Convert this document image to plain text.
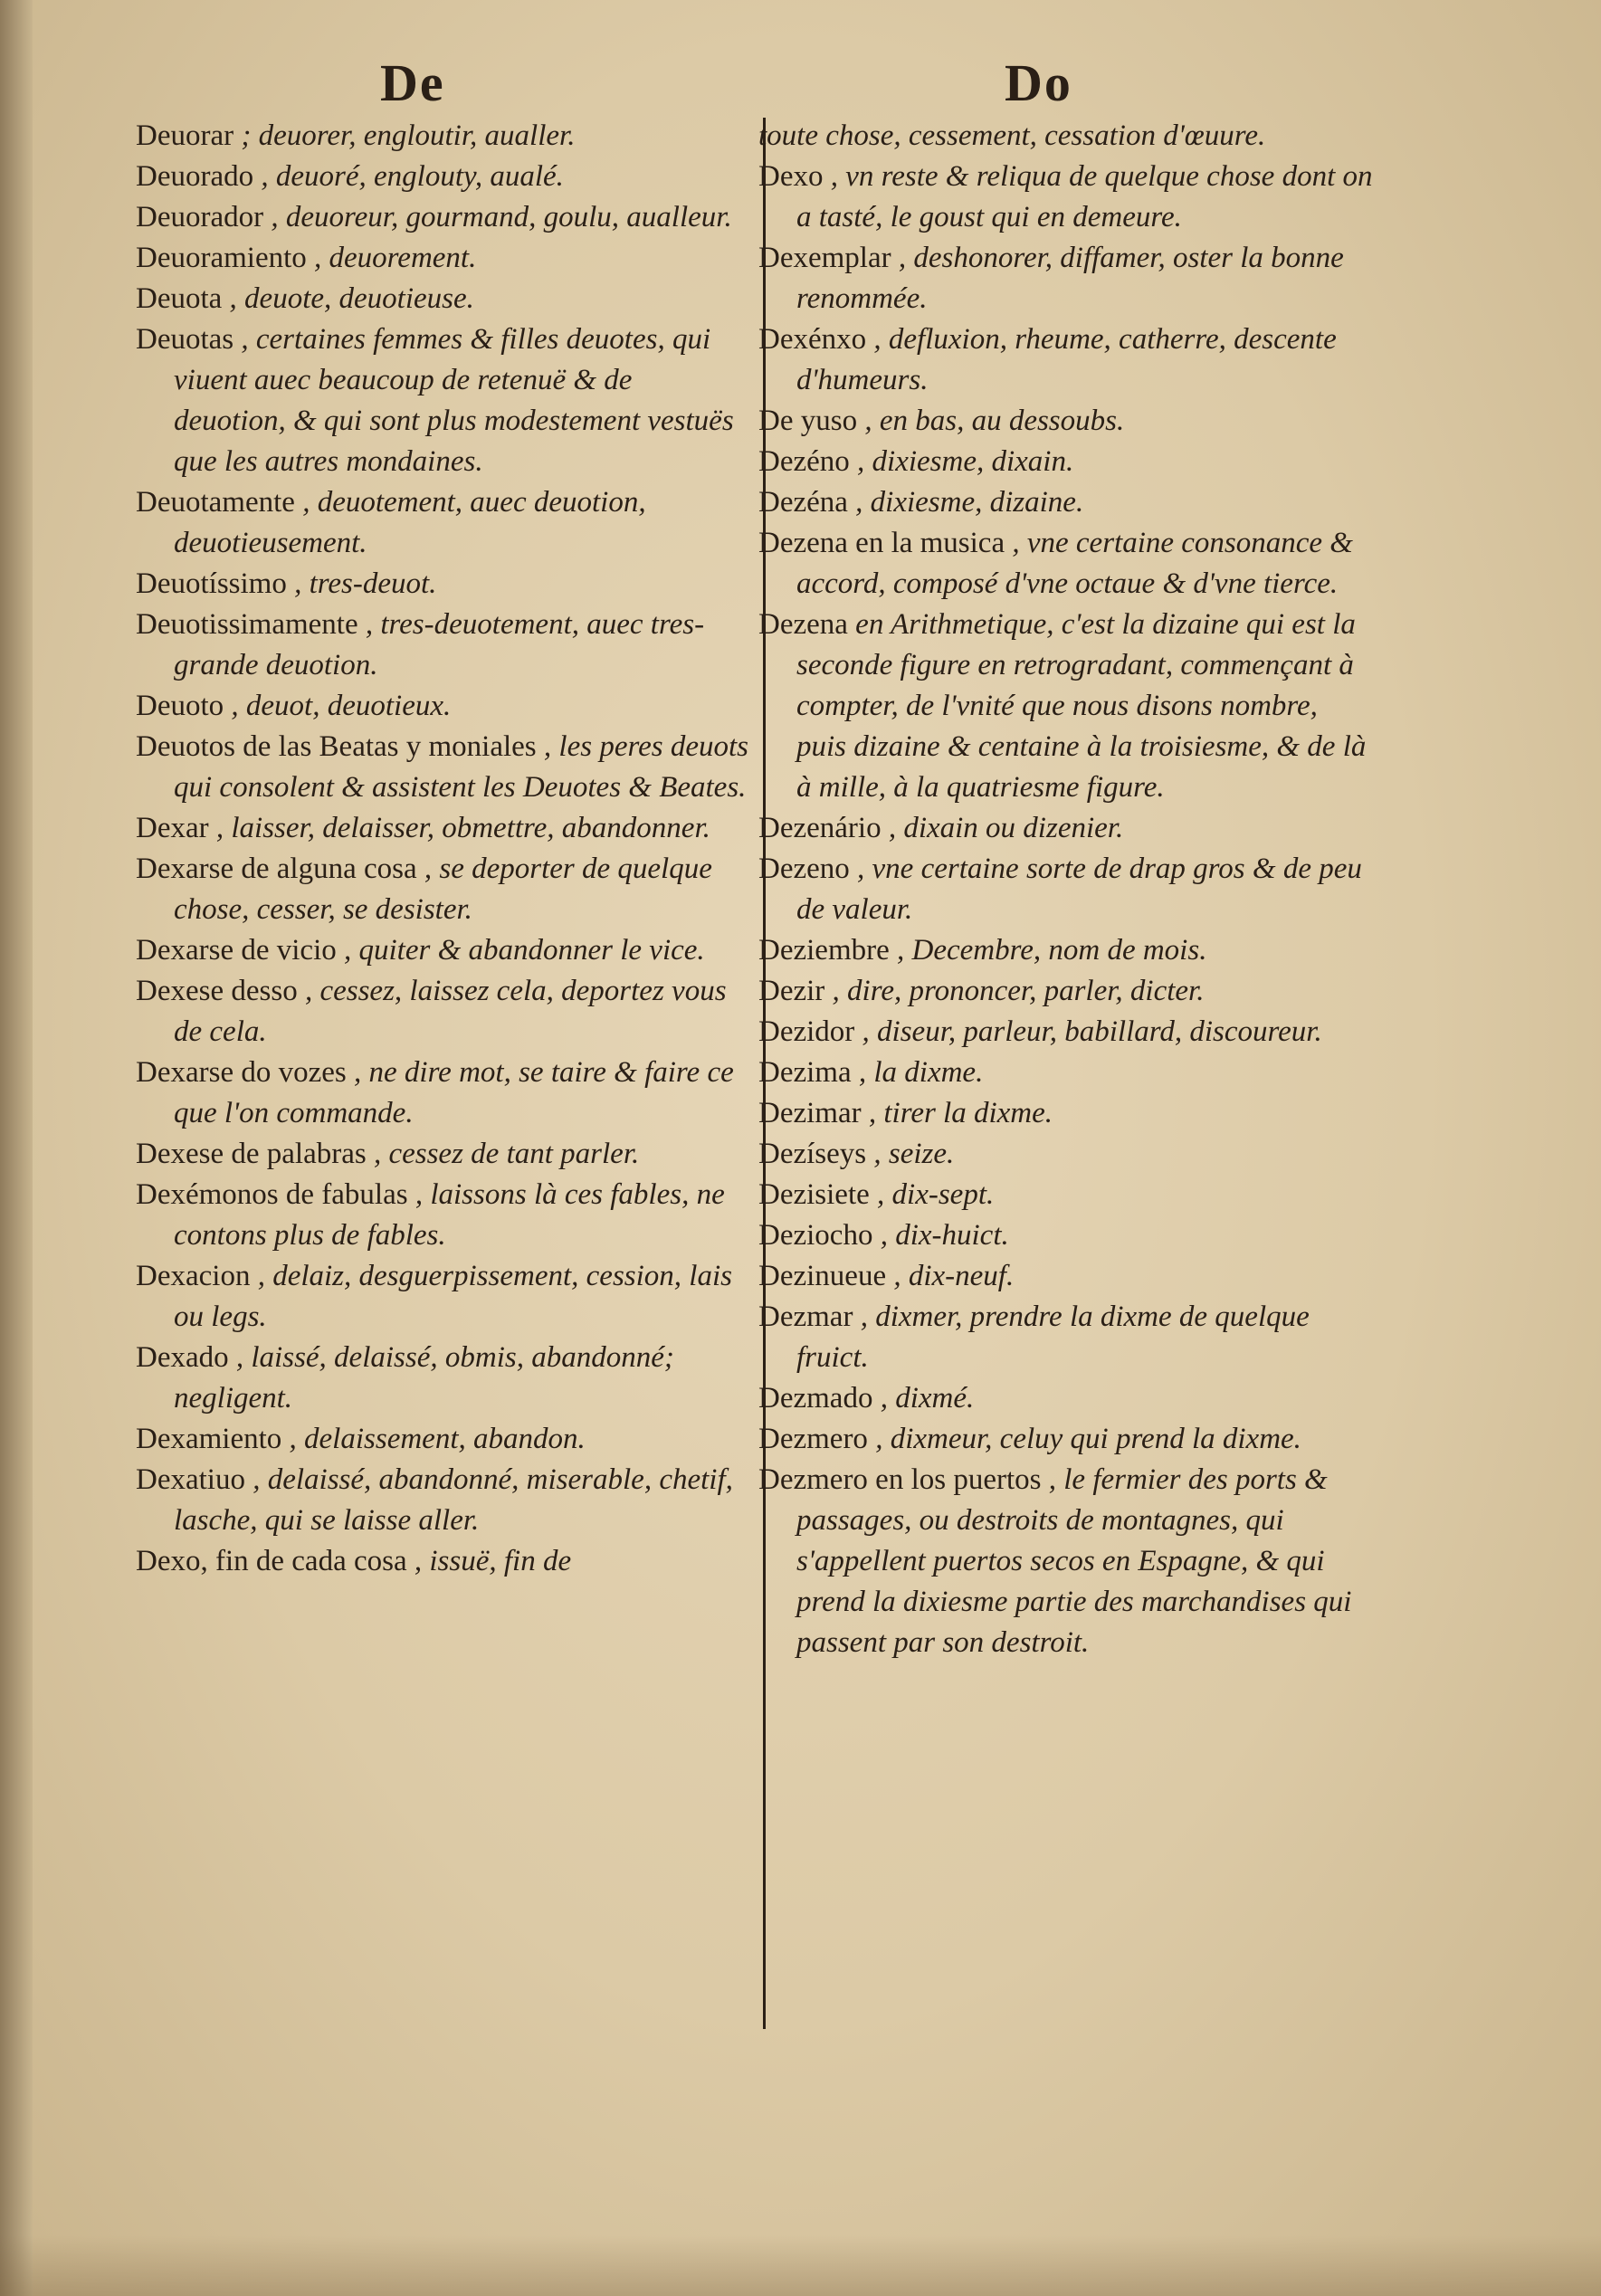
De	Do

Deuorar ; deuorer, engloutir, aualler.

Deuorado , deuoré, englouty, aualé.

Deuorador , deuoreur, gourmand, goulu, aualleur.

Deuoramiento , deuorement.

Deuota , deuote, deuotieuse.

Deuotas , certaines femmes & filles deuotes, qui viuent auec beaucoup de retenuë & de deuotion, & qui sont plus modestement vestuës que les autres mondaines.

Deuotamente , deuotement, auec deuotion, deuotieusement.

Deuotíssimo , tres-deuot.

Deuotissimamente , tres-deuotement, auec tres-grande deuotion.

Deuoto , deuot, deuotieux.

Deuotos de las Beatas y moniales , les peres deuots qui consolent & assistent les Deuotes & Beates.

Dexar , laisser, delaisser, obmettre, abandonner.

Dexarse de alguna cosa , se deporter de quelque chose, cesser, se desister.

Dexarse de vicio , quiter & abandonner le vice.

Dexese desso , cessez, laissez cela, deportez vous de cela.

Dexarse do vozes , ne dire mot, se taire & faire ce que l'on commande.

Dexese de palabras , cessez de tant parler.

Dexémonos de fabulas , laissons là ces fables, ne contons plus de fables.

Dexacion , delaiz, desguerpissement, cession, lais ou legs.

Dexado , laissé, delaissé, obmis, abandonné; negligent.

Dexamiento , delaissement, abandon.

Dexatiuo , delaissé, abandonné, miserable, chetif, lasche, qui se laisse aller.

Dexo, fin de cada cosa , issuë, fin de

toute chose, cessement, cessation d'œuure.

Dexo , vn reste & reliqua de quelque chose dont on a tasté, le goust qui en demeure.

Dexemplar , deshonorer, diffamer, oster la bonne renommée.

Dexénxo , defluxion, rheume, catherre, descente d'humeurs.

De yuso , en bas, au dessoubs.

Dezéno , dixiesme, dixain.

Dezéna , dixiesme, dizaine.

Dezena en la musica , vne certaine consonance & accord, composé d'vne octaue & d'vne tierce.

Dezena en Arithmetique, c'est la dizaine qui est la seconde figure en retrogradant, commençant à compter, de l'vnité que nous disons nombre, puis dizaine & centaine à la troisiesme, & de là à mille, à la quatriesme figure.

Dezenário , dixain ou dizenier.

Dezeno , vne certaine sorte de drap gros & de peu de valeur.

Deziembre , Decembre, nom de mois.

Dezir , dire, prononcer, parler, dicter.

Dezidor , diseur, parleur, babillard, discoureur.

Dezima , la dixme.

Dezimar , tirer la dixme.

Dezíseys , seize.

Dezisiete , dix-sept.

Deziocho , dix-huict.

Dezinueue , dix-neuf.

Dezmar , dixmer, prendre la dixme de quelque fruict.

Dezmado , dixmé.

Dezmero , dixmeur, celuy qui prend la dixme.

Dezmero en los puertos , le fermier des ports & passages, ou destroits de montagnes, qui s'appellent puertos secos en Espagne, & qui prend la dixiesme partie des marchandises qui passent par son destroit.
